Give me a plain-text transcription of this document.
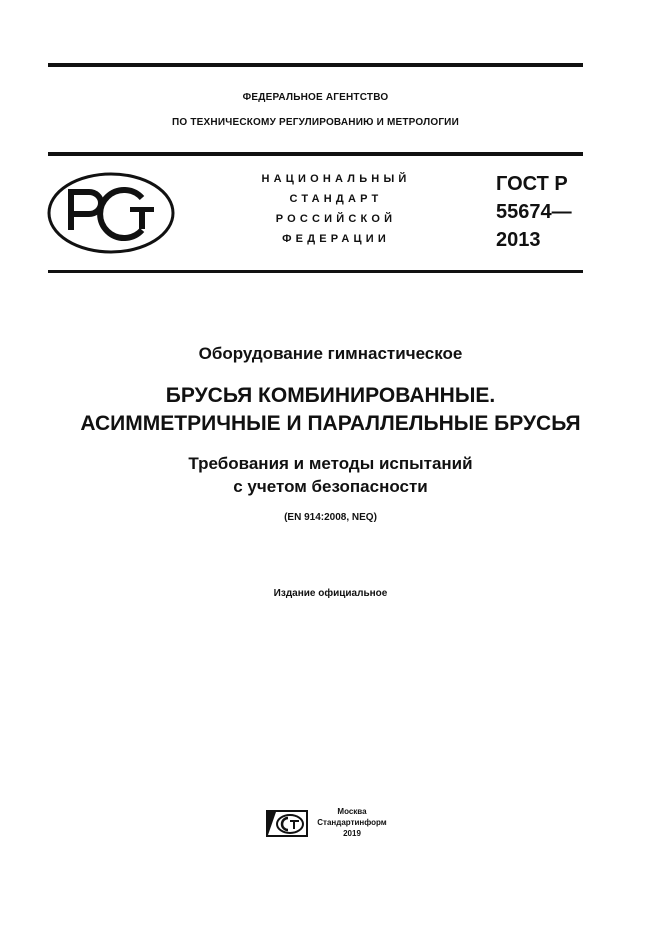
ФЕДЕРАЛЬНОЕ АГЕНТСТВО
ПО ТЕХНИЧЕСКОМУ РЕГУЛИРОВАНИЮ И МЕТРОЛОГИИ
НАЦИОНАЛЬНЫЙ
СТАНДАРТ
РОССИЙСКОЙ
ФЕДЕРАЦИИ
ГОСТ Р
55674—
2013
Оборудование гимнастическое
БРУСЬЯ КОМБИНИРОВАННЫЕ.
АСИММЕТРИЧНЫЕ И ПАРАЛЛЕЛЬНЫЕ БРУСЬЯ
Требования и методы испытаний
с учетом безопасности
(EN 914:2008, NEQ)
Издание официальное
Москва
Стандартинформ
2019
